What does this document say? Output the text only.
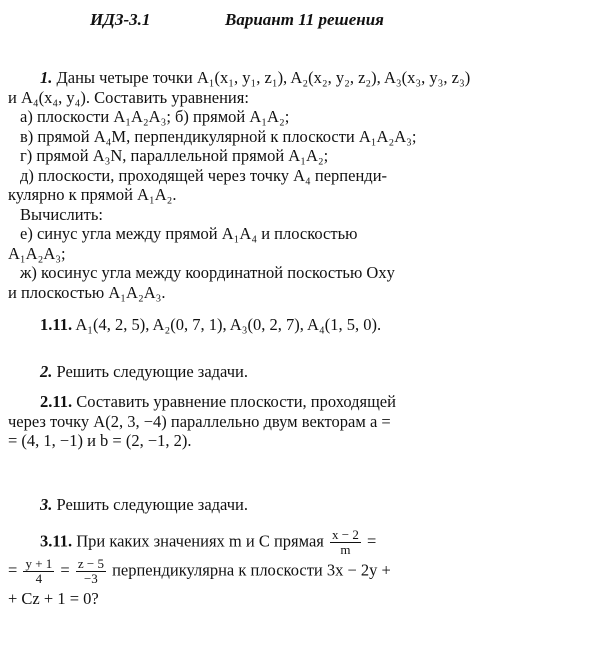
ИДЗ-3.1	Вариант 11 решения
1. Даны четыре точки A₁(x₁, y₁, z₁), A₂(x₂, y₂, z₂), A₃(x₃, y₃, z₃)
и A₄(x₄, y₄). Составить уравнения:
а) плоскости A₁A₂A₃; б) прямой A₁A₂;
в) прямой A₄M, перпендикулярной к плоскости A₁A₂A₃;
г) прямой A₃N, параллельной прямой A₁A₂;
д) плоскости, проходящей через точку A₄ перпенди-
кулярно к прямой A₁A₂.
Вычислить:
е) синус угла между прямой A₁A₄ и плоскостью
A₁A₂A₃;
ж) косинус угла между координатной поскостью Oxy
и плоскостью A₁A₂A₃.
1.11. A₁(4, 2, 5), A₂(0, 7, 1), A₃(0, 2, 7), A₄(1, 5, 0).
2. Решить следующие задачи.
2.11. Составить уравнение плоскости, проходящей
через точку A(2, 3, −4) параллельно двум векторам a =
= (4, 1, −1) и b = (2, −1, 2).
3. Решить следующие задачи.
3.11. При каких значениях m и C прямая $\frac{x - 2}{m}$ =
= $\frac{y + 1}{4} = \frac{z - 5}{-3}$ перпендикулярна к плоскости 3x − 2y +
+ Cz + 1 = 0?
